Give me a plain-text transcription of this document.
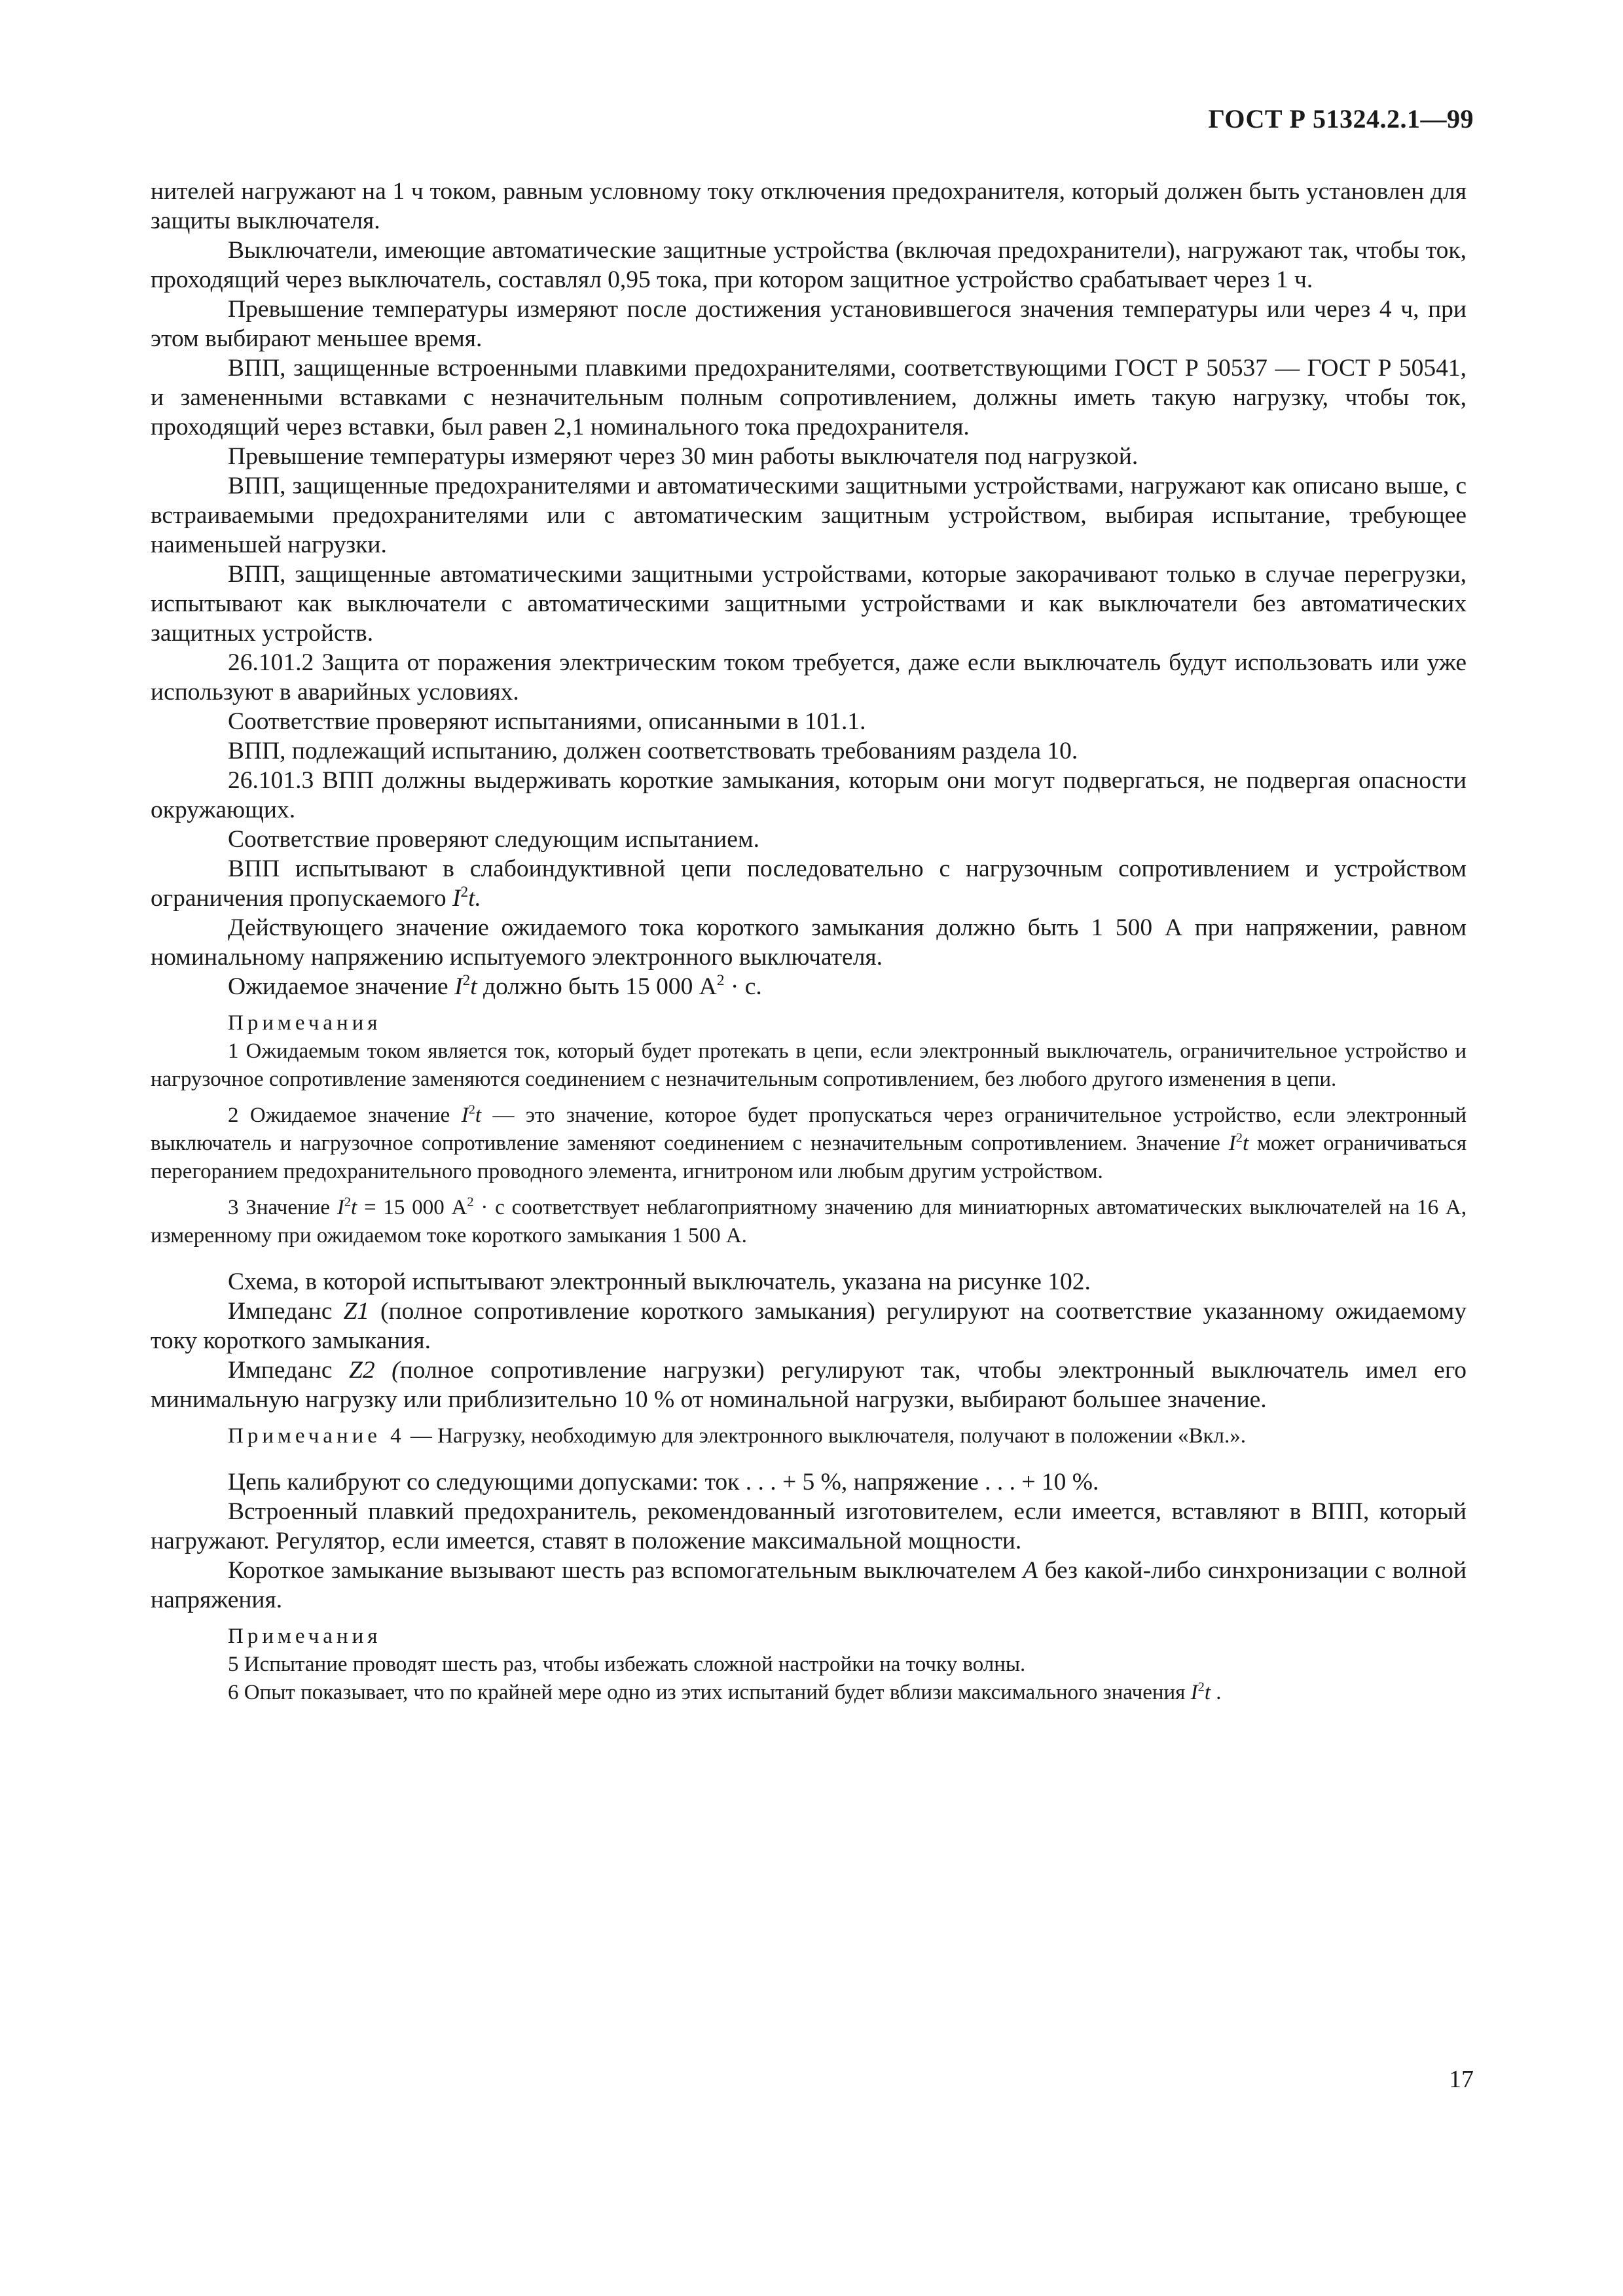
ГОСТ Р 51324.2.1—99

нителей нагружают на 1 ч током, равным условному току отключения предохранителя, который должен быть установлен для защиты выключателя.

Выключатели, имеющие автоматические защитные устройства (включая предохранители), нагружают так, чтобы ток, проходящий через выключатель, составлял 0,95 тока, при котором защитное устройство срабатывает через 1 ч.

Превышение температуры измеряют после достижения установившегося значения температуры или через 4 ч, при этом выбирают меньшее время.

ВПП, защищенные встроенными плавкими предохранителями, соответствующими ГОСТ Р 50537 — ГОСТ Р 50541, и замененными вставками с незначительным полным сопротивлением, должны иметь такую нагрузку, чтобы ток, проходящий через вставки, был равен 2,1 номинального тока предохранителя.

Превышение температуры измеряют через 30 мин работы выключателя под нагрузкой.

ВПП, защищенные предохранителями и автоматическими защитными устройствами, нагружают как описано выше, с встраиваемыми предохранителями или с автоматическим защитным устройством, выбирая испытание, требующее наименьшей нагрузки.

ВПП, защищенные автоматическими защитными устройствами, которые закорачивают только в случае перегрузки, испытывают как выключатели с автоматическими защитными устройствами и как выключатели без автоматических защитных устройств.

26.101.2 Защита от поражения электрическим током требуется, даже если выключатель будут использовать или уже используют в аварийных условиях.

Соответствие проверяют испытаниями, описанными в 101.1.

ВПП, подлежащий испытанию, должен соответствовать требованиям раздела 10.

26.101.3 ВПП должны выдерживать короткие замыкания, которым они могут подвергаться, не подвергая опасности окружающих.

Соответствие проверяют следующим испытанием.

ВПП испытывают в слабоиндуктивной цепи последовательно с нагрузочным сопротивлением и устройством ограничения пропускаемого $I^2t$.

Действующего значение ожидаемого тока короткого замыкания должно быть 1 500 А при напряжении, равном номинальному напряжению испытуемого электронного выключателя.

Ожидаемое значение $I^2t$ должно быть 15 000 $А^2 \cdot с$.

Примечания

1 Ожидаемым током является ток, который будет протекать в цепи, если электронный выключатель, ограничительное устройство и нагрузочное сопротивление заменяются соединением с незначительным сопротивлением, без любого другого изменения в цепи.

2 Ожидаемое значение $I^2t$ — это значение, которое будет пропускаться через ограничительное устройство, если электронный выключатель и нагрузочное сопротивление заменяют соединением с незначительным сопротивлением. Значение $I^2t$ может ограничиваться перегоранием предохранительного проводного элемента, игнитроном или любым другим устройством.

3 Значение $I^2t = 15$ 000 $А^2 \cdot с$ соответствует неблагоприятному значению для миниатюрных автоматических выключателей на 16 А, измеренному при ожидаемом токе короткого замыкания 1 500 А.

Схема, в которой испытывают электронный выключатель, указана на рисунке 102.

Импеданс Z1 (полное сопротивление короткого замыкания) регулируют на соответствие указанному ожидаемому току короткого замыкания.

Импеданс Z2 (полное сопротивление нагрузки) регулируют так, чтобы электронный выключатель имел его минимальную нагрузку или приблизительно 10 % от номинальной нагрузки, выбирают большее значение.

Примечание 4 — Нагрузку, необходимую для электронного выключателя, получают в положении «Вкл.».

Цепь калибруют со следующими допусками: ток . . . + 5 %, напряжение . . . + 10 %.

Встроенный плавкий предохранитель, рекомендованный изготовителем, если имеется, вставляют в ВПП, который нагружают. Регулятор, если имеется, ставят в положение максимальной мощности.

Короткое замыкание вызывают шесть раз вспомогательным выключателем А без какой-либо синхронизации с волной напряжения.

Примечания

5 Испытание проводят шесть раз, чтобы избежать сложной настройки на точку волны.

6 Опыт показывает, что по крайней мере одно из этих испытаний будет вблизи максимального значения $I^2t$ .

17
